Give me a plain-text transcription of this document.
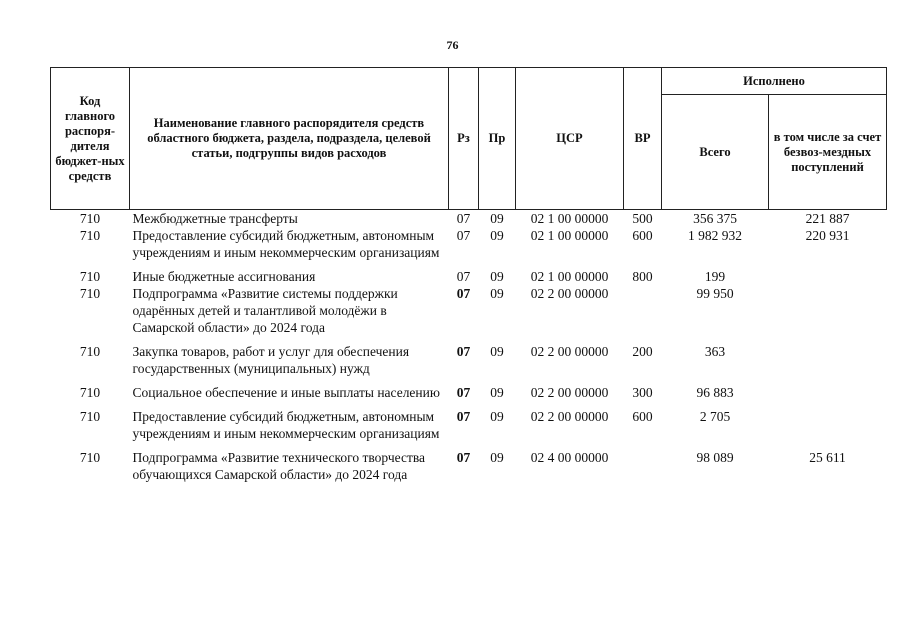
76
Код главного распоря-дителя бюджет-ных средств	Наименование главного распорядителя средств областного бюджета, раздела, подраздела, целевой статьи, подгруппы видов расходов	Рз	Пр	ЦСР	ВР	Исполнено	
						Всего	в том числе за счет безвоз-мездных поступлений
710	Межбюджетные трансферты	07	09	02 1 00 00000	500	356 375	221 887
710	Предоставление субсидий бюджетным, автономным учреждениям и иным некоммерческим организациям	07	09	02 1 00 00000	600	1 982 932	220 931
710	Иные бюджетные ассигнования	07	09	02 1 00 00000	800	199	
710	Подпрограмма «Развитие системы поддержки одарённых детей и талантливой молодёжи в Самарской области» до 2024 года	07	09	02 2 00 00000		99 950	
710	Закупка товаров, работ и услуг для обеспечения государственных (муниципальных) нужд	07	09	02 2 00 00000	200	363	
710	Социальное обеспечение и иные выплаты населению	07	09	02 2 00 00000	300	96 883	
710	Предоставление субсидий бюджетным, автономным учреждениям и иным некоммерческим организациям	07	09	02 2 00 00000	600	2 705	
710	Подпрограмма «Развитие технического творчества обучающихся Самарской области» до 2024 года	07	09	02 4 00 00000		98 089	25 611
